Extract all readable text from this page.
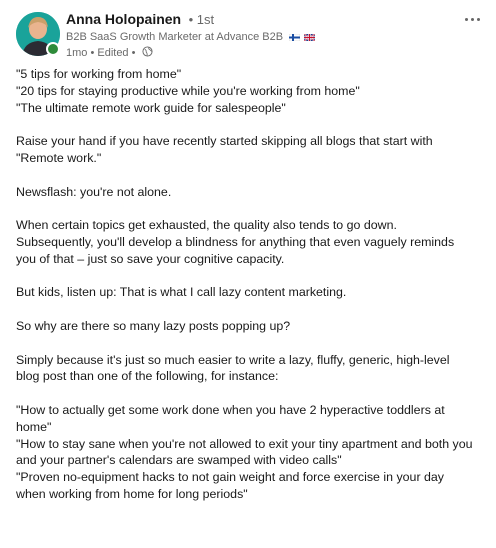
Anna Holopainen • 1st
B2B SaaS Growth Marketer at Advance B2B
1mo • Edited •

"5 tips for working from home"

"20 tips for staying productive while you're working from home"

"The ultimate remote work guide for salespeople"

Raise your hand if you have recently started skipping all blogs that start with

"Remote work."

Newsflash: you're not alone.

When certain topics get exhausted, the quality also tends to go down.

Subsequently, you'll develop a blindness for anything that even vaguely reminds

you of that – just so save your cognitive capacity.

But kids, listen up: That is what I call lazy content marketing.

So why are there so many lazy posts popping up?

Simply because it's just so much easier to write a lazy, fluffy, generic, high-level

blog post than one of the following, for instance:

"How to actually get some work done when you have 2 hyperactive toddlers at

home"

"How to stay sane when you're not allowed to exit your tiny apartment and both you

and your partner's calendars are swamped with video calls"

"Proven no-equipment hacks to not gain weight and force exercise in your day

when working from home for long periods"
